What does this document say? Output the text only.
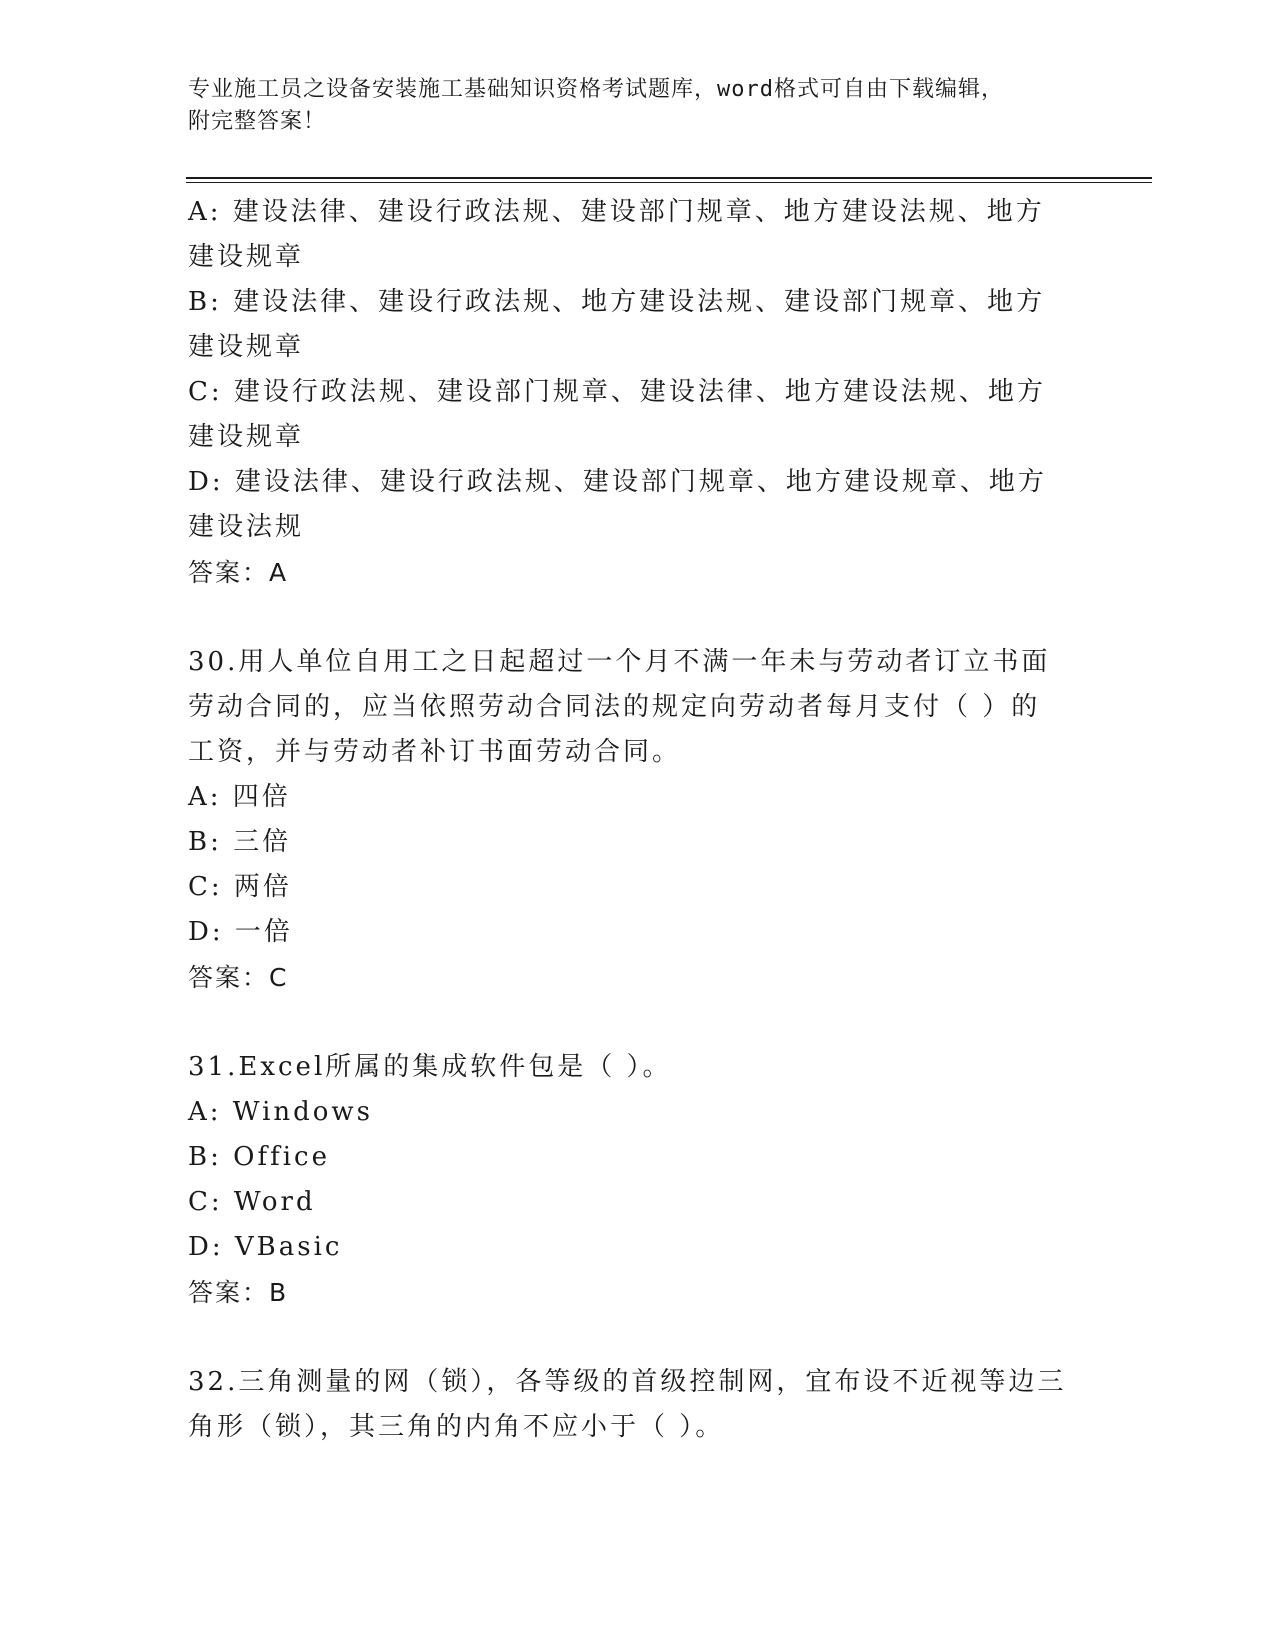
专业施工员之设备安装施工基础知识资格考试题库，word格式可自由下载编辑，
附完整答案！

A: 建设法律、建设行政法规、建设部门规章、地方建设法规、地方建设规章

B: 建设法律、建设行政法规、地方建设法规、建设部门规章、地方建设规章

C: 建设行政法规、建设部门规章、建设法律、地方建设法规、地方建设规章

D: 建设法律、建设行政法规、建设部门规章、地方建设规章、地方建设法规

答案：A

30.用人单位自用工之日起超过一个月不满一年未与劳动者订立书面劳动合同的，应当依照劳动合同法的规定向劳动者每月支付（ ）的工资，并与劳动者补订书面劳动合同。

A: 四倍

B: 三倍

C: 两倍

D: 一倍

答案：C

31.Excel所属的集成软件包是（ ）。

A: Windows

B: Office

C: Word

D: VBasic

答案：B

32.三角测量的网（锁），各等级的首级控制网，宜布设不近视等边三角形（锁），其三角的内角不应小于（ ）。
